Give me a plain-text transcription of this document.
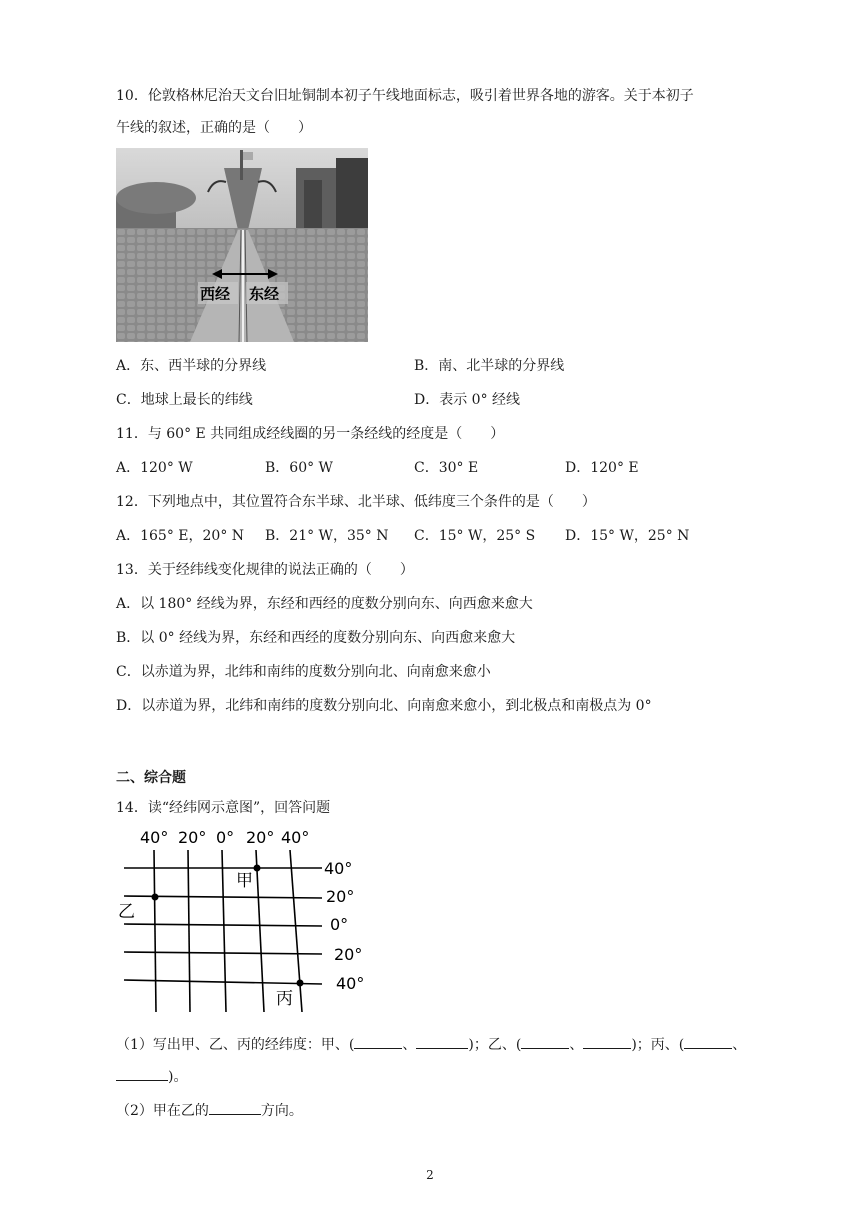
10．伦敦格林尼治天文台旧址铜制本初子午线地面标志，吸引着世界各地的游客。关于本初子
午线的叙述，正确的是（　　）
西经 东经
A．东、西半球的分界线	B．南、北半球的分界线
C．地球上最长的纬线	D．表示 0° 经线
11．与 60° E 共同组成经线圈的另一条经线的经度是（　　）
A．120° W	B．60° W	C．30° E	D．120° E
12．下列地点中，其位置符合东半球、北半球、低纬度三个条件的是（　　）
A．165° E，20° N B．21° W，35° N C．15° W，25° S D．15° W，25° N
13．关于经纬线变化规律的说法正确的（　　）
A．以 180° 经线为界，东经和西经的度数分别向东、向西愈来愈大
B．以 0° 经线为界，东经和西经的度数分别向东、向西愈来愈大
C．以赤道为界，北纬和南纬的度数分别向北、向南愈来愈小
D．以赤道为界，北纬和南纬的度数分别向北、向南愈来愈小，到北极点和南极点为 0°
二、综合题
14．读“经纬网示意图”，回答问题
40° 20° 0° 20° 40°
40°
20°
0°
20°
40°
甲
乙
丙
（1）写出甲、乙、丙的经纬度：甲、(	、	)；乙、(	、	)；丙、(	、
)。
（2）甲在乙的	方向。
2
